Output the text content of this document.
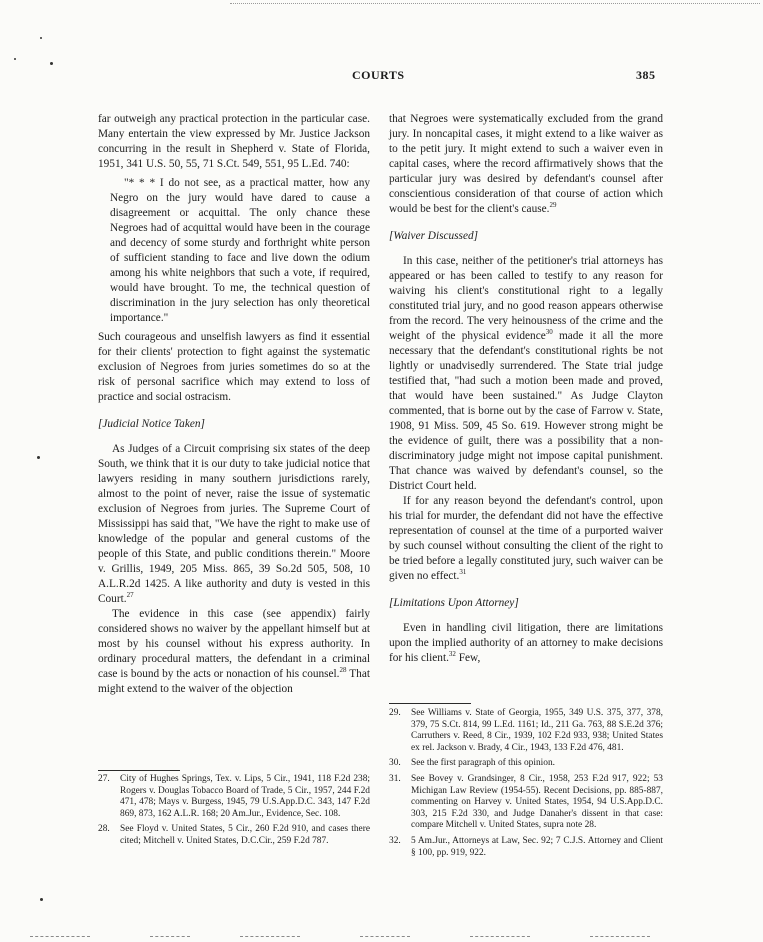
COURTS	385

far outweigh any practical protection in the particular case. Many entertain the view expressed by Mr. Justice Jackson concurring in the result in Shepherd v. State of Florida, 1951, 341 U.S. 50, 55, 71 S.Ct. 549, 551, 95 L.Ed. 740:

"* * * I do not see, as a practical matter, how any Negro on the jury would have dared to cause a disagreement or acquittal. The only chance these Negroes had of acquittal would have been in the courage and decency of some sturdy and forthright white person of sufficient standing to face and live down the odium among his white neighbors that such a vote, if required, would have brought. To me, the technical question of discrimination in the jury selection has only theoretical importance."

Such courageous and unselfish lawyers as find it essential for their clients' protection to fight against the systematic exclusion of Negroes from juries sometimes do so at the risk of personal sacrifice which may extend to loss of practice and social ostracism.

[Judicial Notice Taken]

As Judges of a Circuit comprising six states of the deep South, we think that it is our duty to take judicial notice that lawyers residing in many southern jurisdictions rarely, almost to the point of never, raise the issue of systematic exclusion of Negroes from juries. The Supreme Court of Mississippi has said that, "We have the right to make use of knowledge of the popular and general customs of the people of this State, and public conditions therein." Moore v. Grillis, 1949, 205 Miss. 865, 39 So.2d 505, 508, 10 A.L.R.2d 1425. A like authority and duty is vested in this Court.$^{27}$

The evidence in this case (see appendix) fairly considered shows no waiver by the appellant himself but at most by his counsel without his express authority. In ordinary procedural matters, the defendant in a criminal case is bound by the acts or nonaction of his counsel.$^{28}$ That might extend to the waiver of the objection

that Negroes were systematically excluded from the grand jury. In noncapital cases, it might extend to a like waiver as to the petit jury. It might extend to such a waiver even in capital cases, where the record affirmatively shows that the particular jury was desired by defendant's counsel after conscientious consideration of that course of action which would be best for the client's cause.$^{29}$

[Waiver Discussed]

In this case, neither of the petitioner's trial attorneys has appeared or has been called to testify to any reason for waiving his client's constitutional right to a legally constituted trial jury, and no good reason appears otherwise from the record. The very heinousness of the crime and the weight of the physical evidence$^{30}$ made it all the more necessary that the defendant's constitutional rights be not lightly or unadvisedly surrendered. The State trial judge testified that, "had such a motion been made and proved, that would have been sustained." As Judge Clayton commented, that is borne out by the case of Farrow v. State, 1908, 91 Miss. 509, 45 So. 619. However strong might be the evidence of guilt, there was a possibility that a non-discriminatory judge might not impose capital punishment. That chance was waived by defendant's counsel, so the District Court held.

If for any reason beyond the defendant's control, upon his trial for murder, the defendant did not have the effective representation of counsel at the time of a purported waiver by such counsel without consulting the client of the right to be tried before a legally constituted jury, such waiver can be given no effect.$^{31}$

[Limitations Upon Attorney]

Even in handling civil litigation, there are limitations upon the implied authority of an attorney to make decisions for his client.$^{32}$ Few,

27.	City of Hughes Springs, Tex. v. Lips, 5 Cir., 1941, 118 F.2d 238; Rogers v. Douglas Tobacco Board of Trade, 5 Cir., 1957, 244 F.2d 471, 478; Mays v. Burgess, 1945, 79 U.S.App.D.C. 343, 147 F.2d 869, 873, 162 A.L.R. 168; 20 Am.Jur., Evidence, Sec. 108.
28.	See Floyd v. United States, 5 Cir., 260 F.2d 910, and cases there cited; Mitchell v. United States, D.C.Cir., 259 F.2d 787.
29.	See Williams v. State of Georgia, 1955, 349 U.S. 375, 377, 378, 379, 75 S.Ct. 814, 99 L.Ed. 1161; Id., 211 Ga. 763, 88 S.E.2d 376; Carruthers v. Reed, 8 Cir., 1939, 102 F.2d 933, 938; United States ex rel. Jackson v. Brady, 4 Cir., 1943, 133 F.2d 476, 481.
30.	See the first paragraph of this opinion.
31.	See Bovey v. Grandsinger, 8 Cir., 1958, 253 F.2d 917, 922; 53 Michigan Law Review (1954-55). Recent Decisions, pp. 885-887, commenting on Harvey v. United States, 1954, 94 U.S.App.D.C. 303, 215 F.2d 330, and Judge Danaher's dissent in that case: compare Mitchell v. United States, supra note 28.
32.	5 Am.Jur., Attorneys at Law, Sec. 92; 7 C.J.S. Attorney and Client § 100, pp. 919, 922.
